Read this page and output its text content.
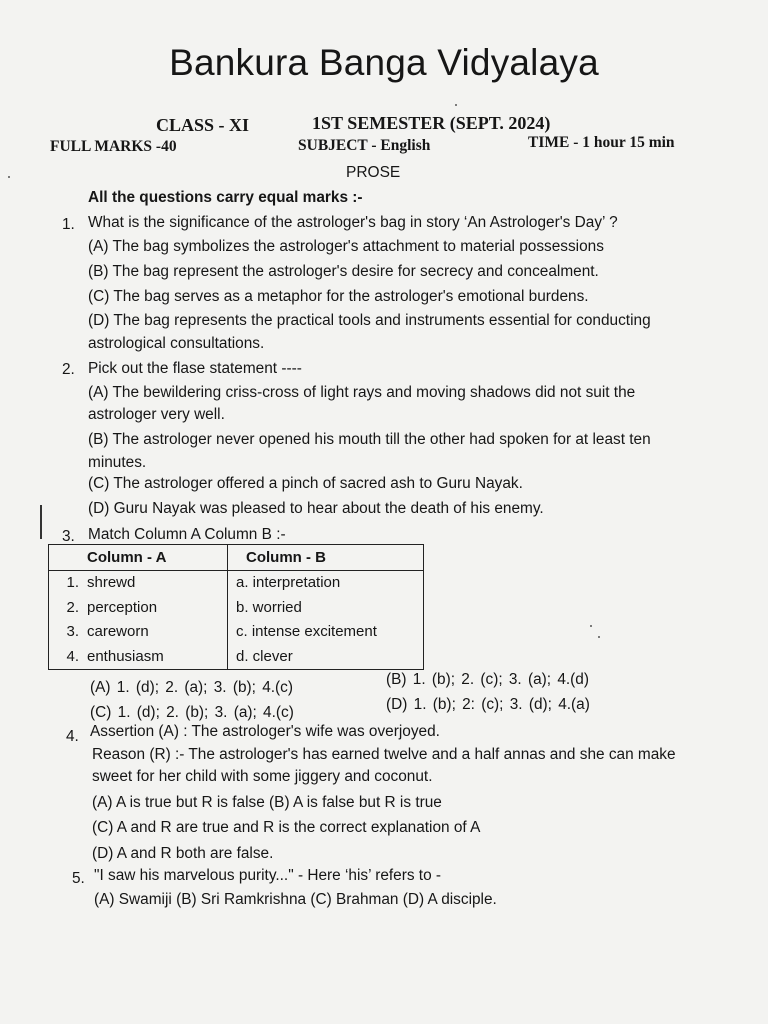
Bankura Banga Vidyalaya
CLASS - XI	1ST SEMESTER (SEPT. 2024)
FULL MARKS -40	SUBJECT - English	TIME - 1 hour 15 min
PROSE
All the questions carry equal marks :-
1. What is the significance of the astrologer's bag in story ‘An Astrologer's Day’ ?
(A) The bag symbolizes the astrologer's attachment to material possessions
(B) The bag represent the astrologer's desire for secrecy and concealment.
(C) The bag serves as a metaphor for the astrologer's emotional burdens.
(D) The bag represents the practical tools and instruments essential for conducting
astrological consultations.
2. Pick out the flase statement ----
(A) The bewildering criss-cross of light rays and moving shadows did not suit the
astrologer very well.
(B) The astrologer never opened his mouth till the other had spoken for at least ten
minutes.
(C) The astrologer offered a pinch of sacred ash to Guru Nayak.
(D) Guru Nayak was pleased to hear about the death of his enemy.
3. Match Column A Column B :-
Column - A	Column - B
1. shrewd	a. interpretation
2. perception	b. worried
3. careworn	c. intense excitement
4. enthusiasm	d. clever
(A) 1. (d); 2. (a); 3. (b); 4.(c)	(B) 1. (b); 2. (c); 3. (a); 4.(d)
(C) 1. (d); 2. (b); 3. (a); 4.(c)	(D) 1. (b); 2: (c); 3. (d); 4.(a)
4. Assertion (A) : The astrologer's wife was overjoyed.
Reason (R) :- The astrologer's has earned twelve and a half annas and she can make
sweet for her child with some jiggery and coconut.
(A) A is true but R is false (B) A is false but R is true
(C) A and R are true and R is the correct explanation of A
(D) A and R both are false.
5. "I saw his marvelous purity..." - Here ‘his’ refers to -
(A) Swamiji (B) Sri Ramkrishna (C) Brahman (D) A disciple.
